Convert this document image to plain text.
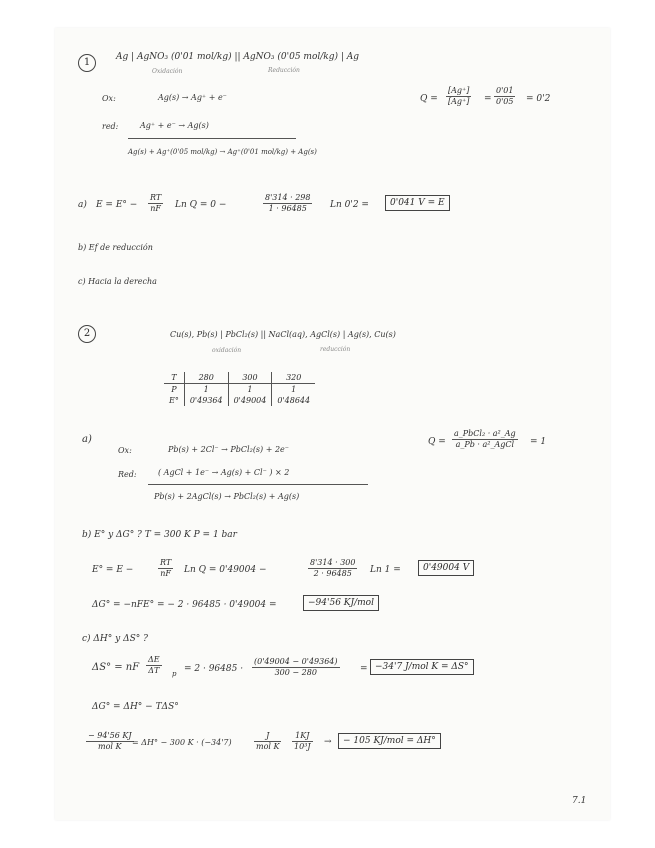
1	Ag | AgNO₃ (0'01 mol/kg) || AgNO₃ (0'05 mol/kg) | Ag
Oxidación	Reducción
Ox:	Ag(s) → Ag⁺ + e⁻
red:	Ag⁺ + e⁻ → Ag(s)
Ag(s) + Ag⁺(0'05 mol/kg) → Ag⁺(0'01 mol/kg) + Ag(s)
$Q = \frac{[Ag^+]}{[Ag^+]} = \frac{0'01}{0'05} = 0'2$
a) $E = E^\circ - \frac{RT}{nF}$ Ln Q = 0 −	$\frac{8'314 \cdot 298}{1 \cdot 96485}$ Ln 0'2 =	0'041 V = E
b) Ef de reducción
c) Hacia la derecha
2	Cu(s), Pb(s) | PbCl₂(s) || NaCl(aq), AgCl(s) | Ag(s), Cu(s)
oxidación	reducción
T	280	300	320
P	1	1	1
E°	0'49364	0'49004	0'48644
a)
Ox:	Pb(s) + 2Cl⁻ → PbCl₂(s) + 2e⁻
Red:	( AgCl + 1e⁻ → Ag(s) + Cl⁻ ) × 2
Pb(s) + 2AgCl(s) → PbCl₂(s) + Ag(s)
Q =
a_PbCl₂ · a²_Ag
a_Pb · a²_AgCl	= 1
b) E° y ΔG° ? T = 300 K P = 1 bar
E° = E −	$\frac{RT}{nF}$ Ln Q = 0'49004 −	$\frac{8'314 \cdot 300}{2 \cdot 96485}$ Ln 1 =	0'49004 V
ΔG° = −nFE° = − 2 · 96485 · 0'49004 =	−94'56 KJ/mol
c) ΔH° y ΔS° ?
ΔS° = nF $\frac{\Delta E}{\Delta T}$ $p = 2 \cdot 96485 \cdot \frac{(0'49004 - 0'49364)}{300 - 280} = -34'7$ J/mol K = ΔS°
ΔG° = ΔH° − TΔS°
− 94'56 KJ
mol K	= ΔH° − 300 K · (−34'7)
J
mol K $\frac{1KJ}{\text{10³J}}$ →	− 105 KJ/mol = ΔH°
7.1
